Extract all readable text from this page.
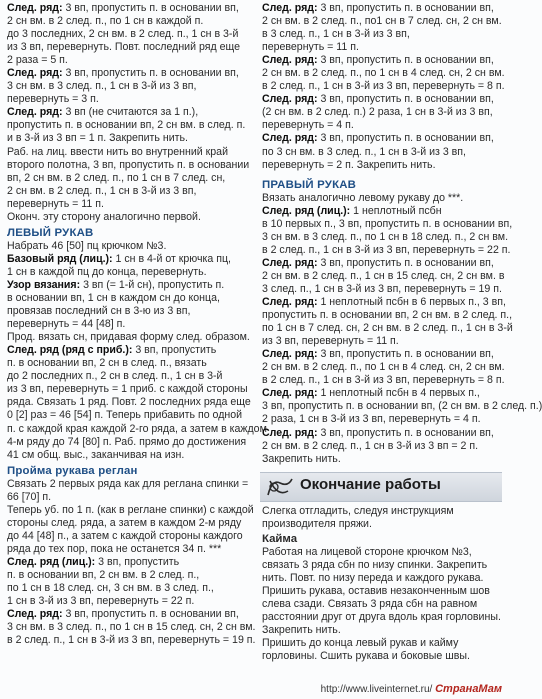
След. ряд: 3 вп, пропустить п. в основании вп,
2 сн вм. в 2 след. п., по 1 сн в каждой п.
до 3 последних, 2 сн вм. в 2 след. п., 1 сн в 3-й
из 3 вп, перевернуть. Повт. последний ряд еще
2 раза = 5 п.
След. ряд: 3 вп, пропустить п. в основании вп,
3 сн вм. в 3 след. п., 1 сн в 3-й из 3 вп,
перевернуть = 3 п.
След. ряд: 3 вп (не считаются за 1 п.),
пропустить п. в основании вп, 2 сн вм. в след. п.
и в 3-й из 3 вп = 1 п. Закрепить нить.
Раб. на лиц. ввести нить во внутренний край
второго полотна, 3 вп, пропустить п. в основании
вп, 2 сн вм. в 2 след. п., по 1 сн в 7 след. сн,
2 сн вм. в 2 след. п., 1 сн в 3-й из 3 вп,
перевернуть = 11 п.
Оконч. эту сторону аналогично первой.
ЛЕВЫЙ РУКАВ
Набрать 46 [50] пц крючком №3.
Базовый ряд (лиц.): 1 сн в 4-й от крючка пц,
1 сн в каждой пц до конца, перевернуть.
Узор вязания: 3 вп (= 1-й сн), пропустить п.
в основании вп, 1 сн в каждом сн до конца,
провязав последний сн в 3-ю из 3 вп,
перевернуть = 44 [48] п.
Прод. вязать сн, придавая форму след. образом.
След. ряд (ряд с приб.): 3 вп, пропустить
п. в основании вп, 2 сн в след. п., вязать
до 2 последних п., 2 сн в след. п., 1 сн в 3-й
из 3 вп, перевернуть = 1 приб. с каждой стороны
ряда. Связать 1 ряд. Повт. 2 последних ряда еще
0 [2] раз = 46 [54] п. Теперь прибавить по одной
п. с каждой края каждой 2-го ряда, а затем в каждом
4-м ряду до 74 [80] п. Раб. прямо до достижения
41 см общ. выс., заканчивая на изн.
Пройма рукава реглан
Связать 2 первых ряда как для реглана спинки =
66 [70] п.
Теперь уб. по 1 п. (как в реглане спинки) с каждой
стороны след. ряда, а затем в каждом 2-м ряду
до 44 [48] п., а затем с каждой стороны каждого
ряда до тех пор, пока не останется 34 п. ***
След. ряд (лиц.): 3 вп, пропустить
п. в основании вп, 2 сн вм. в 2 след. п.,
по 1 сн в 18 след. сн, 3 сн вм. в 3 след. п.,
1 сн в 3-й из 3 вп, перевернуть = 22 п.
След. ряд: 3 вп, пропустить п. в основании вп,
3 сн вм. в 3 след. п., по 1 сн в 15 след. сн, 2 сн вм.
в 2 след. п., 1 сн в 3-й из 3 вп, перевернуть = 19 п.
След. ряд: 3 вп, пропустить п. в основании вп,
2 сн вм. в 2 след. п., по1 сн в 7 след. сн, 2 сн вм.
в 3 след. п., 1 сн в 3-й из 3 вп,
перевернуть = 11 п.
След. ряд: 3 вп, пропустить п. в основании вп,
2 сн вм. в 2 след. п., по 1 сн в 4 след. сн, 2 сн вм.
в 2 след. п., 1 сн в 3-й из 3 вп, перевернуть = 8 п.
След. ряд: 3 вп, пропустить п. в основании вп,
(2 сн вм. в 2 след. п.) 2 раза, 1 сн в 3-й из 3 вп,
перевернуть = 4 п.
След. ряд: 3 вп, пропустить п. в основании вп,
по 3 сн вм. в 3 след. п., 1 сн в 3-й из 3 вп,
перевернуть = 2 п. Закрепить нить.
ПРАВЫЙ РУКАВ
Вязать аналогично левому рукаву до ***.
След. ряд (лиц.): 1 неплотный псбн
в 10 первых п., 3 вп, пропустить п. в основании вп,
3 сн вм. в 3 след. п., по 1 сн в 18 след. п., 2 сн вм.
в 2 след. п., 1 сн в 3-й из 3 вп, перевернуть = 22 п.
След. ряд: 3 вп, пропустить п. в основании вп,
2 сн вм. в 2 след. п., 1 сн в 15 след. сн, 2 сн вм. в
3 след. п., 1 сн в 3-й из 3 вп, перевернуть = 19 п.
След. ряд: 1 неплотный псбн в 6 первых п., 3 вп,
пропустить п. в основании вп, 2 сн вм. в 2 след. п.,
по 1 сн в 7 след. сн, 2 сн вм. в 2 след. п., 1 сн в 3-й
из 3 вп, перевернуть = 11 п.
След. ряд: 3 вп, пропустить п. в основании вп,
2 сн вм. в 2 след. п., по 1 сн в 4 след. сн, 2 сн вм.
в 2 след. п., 1 сн в 3-й из 3 вп, перевернуть = 8 п.
След. ряд: 1 неплотный псбн в 4 первых п.,
3 вп, пропустить п. в основании вп, (2 сн вм. в 2 след. п.)
2 раза, 1 сн в 3-й из 3 вп, перевернуть = 4 п.
След. ряд: 3 вп, пропустить п. в основании вп,
2 сн вм. в 2 след. п., 1 сн в 3-й из 3 вп = 2 п.
Закрепить нить.
Окончание работы
Слегка отгладить, следуя инструкциям
производителя пряжи.
Кайма
Работая на лицевой стороне крючком №3,
связать 3 ряда сбн по низу спинки. Закрепить
нить. Повт. по низу переда и каждого рукава.
Пришить рукава, оставив незаконченным шов
слева сзади. Связать 3 ряда сбн на равном
расстоянии друг от друга вдоль края горловины.
Закрепить нить.
Пришить до конца левый рукав и кайму
горловины. Сшить рукава и боковые швы.
http://www.liveinternet.ru/ СтранаМам
